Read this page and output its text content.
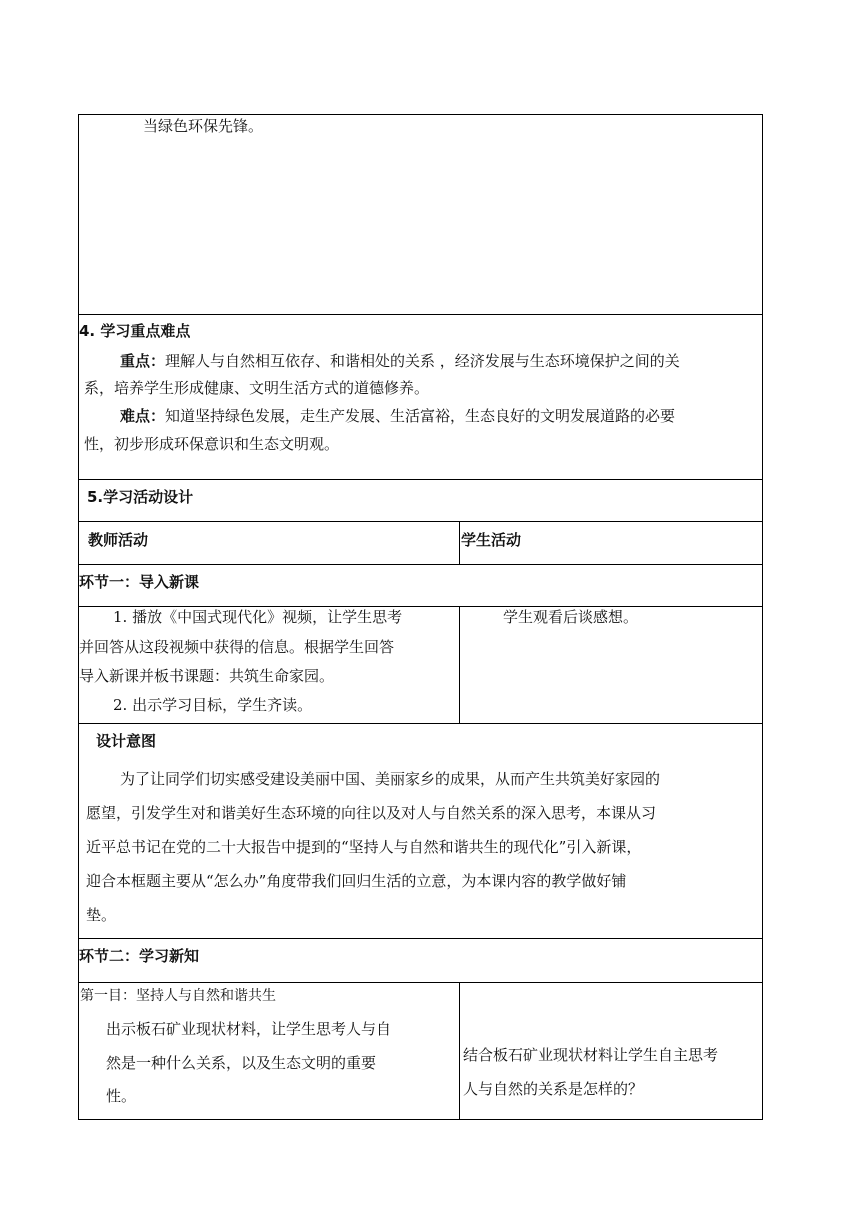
当绿色环保先锋。
4. 学习重点难点
重点：理解人与自然相互依存、和谐相处的关系 ，经济发展与生态环境保护之间的关
系，培养学生形成健康、文明生活方式的道德修养。
难点：知道坚持绿色发展，走生产发展、生活富裕，生态良好的文明发展道路的必要
性，初步形成环保意识和生态文明观。
5.学习活动设计
教师活动	学生活动
环节一：导入新课
1. 播放《中国式现代化》视频，让学生思考
并回答从这段视频中获得的信息。根据学生回答
导入新课并板书课题：共筑生命家园。
2. 出示学习目标，学生齐读。
学生观看后谈感想。
设计意图
为了让同学们切实感受建设美丽中国、美丽家乡的成果，从而产生共筑美好家园的
愿望，引发学生对和谐美好生态环境的向往以及对人与自然关系的深入思考，本课从习
近平总书记在党的二十大报告中提到的“坚持人与自然和谐共生的现代化”引入新课，
迎合本框题主要从“怎么办”角度带我们回归生活的立意，为本课内容的教学做好铺
垫。
环节二：学习新知
第一目：坚持人与自然和谐共生
出示板石矿业现状材料，让学生思考人与自
然是一种什么关系，以及生态文明的重要
性。
结合板石矿业现状材料让学生自主思考
人与自然的关系是怎样的？
